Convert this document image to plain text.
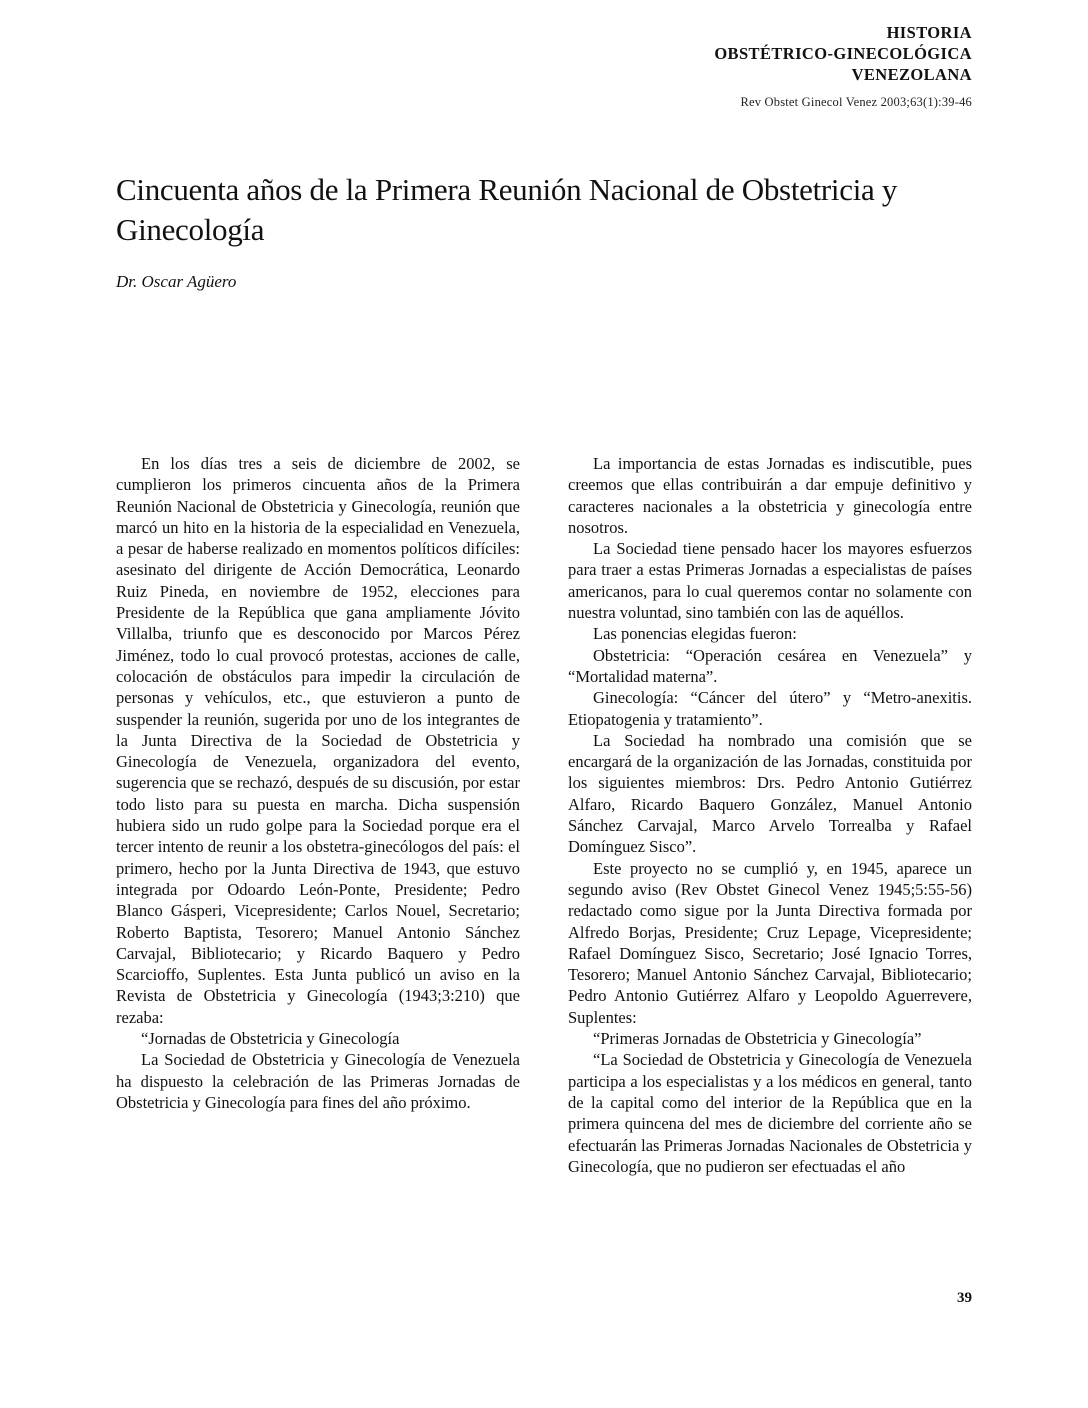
HISTORIA
OBSTÉTRICO-GINECOLÓGICA
VENEZOLANA
Rev Obstet Ginecol Venez 2003;63(1):39-46
Cincuenta años de la Primera Reunión Nacional de Obstetricia y Ginecología
Dr. Oscar Agüero

En los días tres a seis de diciembre de 2002, se cumplieron los primeros cincuenta años de la Primera Reunión Nacional de Obstetricia y Ginecología, reunión que marcó un hito en la historia de la especialidad en Venezuela, a pesar de haberse realizado en momentos políticos difíciles: asesinato del dirigente de Acción Democrática, Leonardo Ruiz Pineda, en noviembre de 1952, elecciones para Presidente de la República que gana ampliamente Jóvito Villalba, triunfo que es desconocido por Marcos Pérez Jiménez, todo lo cual provocó protestas, acciones de calle, colocación de obstáculos para impedir la circulación de personas y vehículos, etc., que estuvieron a punto de suspender la reunión, sugerida por uno de los integrantes de la Junta Directiva de la Sociedad de Obstetricia y Ginecología de Venezuela, organizadora del evento, sugerencia que se rechazó, después de su discusión, por estar todo listo para su puesta en marcha. Dicha suspensión hubiera sido un rudo golpe para la Sociedad porque era el tercer intento de reunir a los obstetra-ginecólogos del país: el primero, hecho por la Junta Directiva de 1943, que estuvo integrada por Odoardo León-Ponte, Presidente; Pedro Blanco Gásperi, Vicepresidente; Carlos Nouel, Secretario; Roberto Baptista, Tesorero; Manuel Antonio Sánchez Carvajal, Bibliotecario; y Ricardo Baquero y Pedro Scarcioffo, Suplentes. Esta Junta publicó un aviso en la Revista de Obstetricia y Ginecología (1943;3:210) que rezaba:

“Jornadas de Obstetricia y Ginecología

La Sociedad de Obstetricia y Ginecología de Venezuela ha dispuesto la celebración de las Primeras Jornadas de Obstetricia y Ginecología para fines del año próximo.

La importancia de estas Jornadas es indiscutible, pues creemos que ellas contribuirán a dar empuje definitivo y caracteres nacionales a la obstetricia y ginecología entre nosotros.

La Sociedad tiene pensado hacer los mayores esfuerzos para traer a estas Primeras Jornadas a especialistas de países americanos, para lo cual queremos contar no solamente con nuestra voluntad, sino también con las de aquéllos.

Las ponencias elegidas fueron:

Obstetricia: “Operación cesárea en Venezuela” y “Mortalidad materna”.

Ginecología: “Cáncer del útero” y “Metro-anexitis. Etiopatogenia y tratamiento”.

La Sociedad ha nombrado una comisión que se encargará de la organización de las Jornadas, constituida por los siguientes miembros: Drs. Pedro Antonio Gutiérrez Alfaro, Ricardo Baquero González, Manuel Antonio Sánchez Carvajal, Marco Arvelo Torrealba y Rafael Domínguez Sisco”.

Este proyecto no se cumplió y, en 1945, aparece un segundo aviso (Rev Obstet Ginecol Venez 1945;5:55-56) redactado como sigue por la Junta Directiva formada por Alfredo Borjas, Presidente; Cruz Lepage, Vicepresidente; Rafael Domínguez Sisco, Secretario; José Ignacio Torres, Tesorero; Manuel Antonio Sánchez Carvajal, Bibliotecario; Pedro Antonio Gutiérrez Alfaro y Leopoldo Aguerrevere, Suplentes:

“Primeras Jornadas de Obstetricia y Ginecología”

“La Sociedad de Obstetricia y Ginecología de Venezuela participa a los especialistas y a los médicos en general, tanto de la capital como del interior de la República que en la primera quincena del mes de diciembre del corriente año se efectuarán las Primeras Jornadas Nacionales de Obstetricia y Ginecología, que no pudieron ser efectuadas el año

39
